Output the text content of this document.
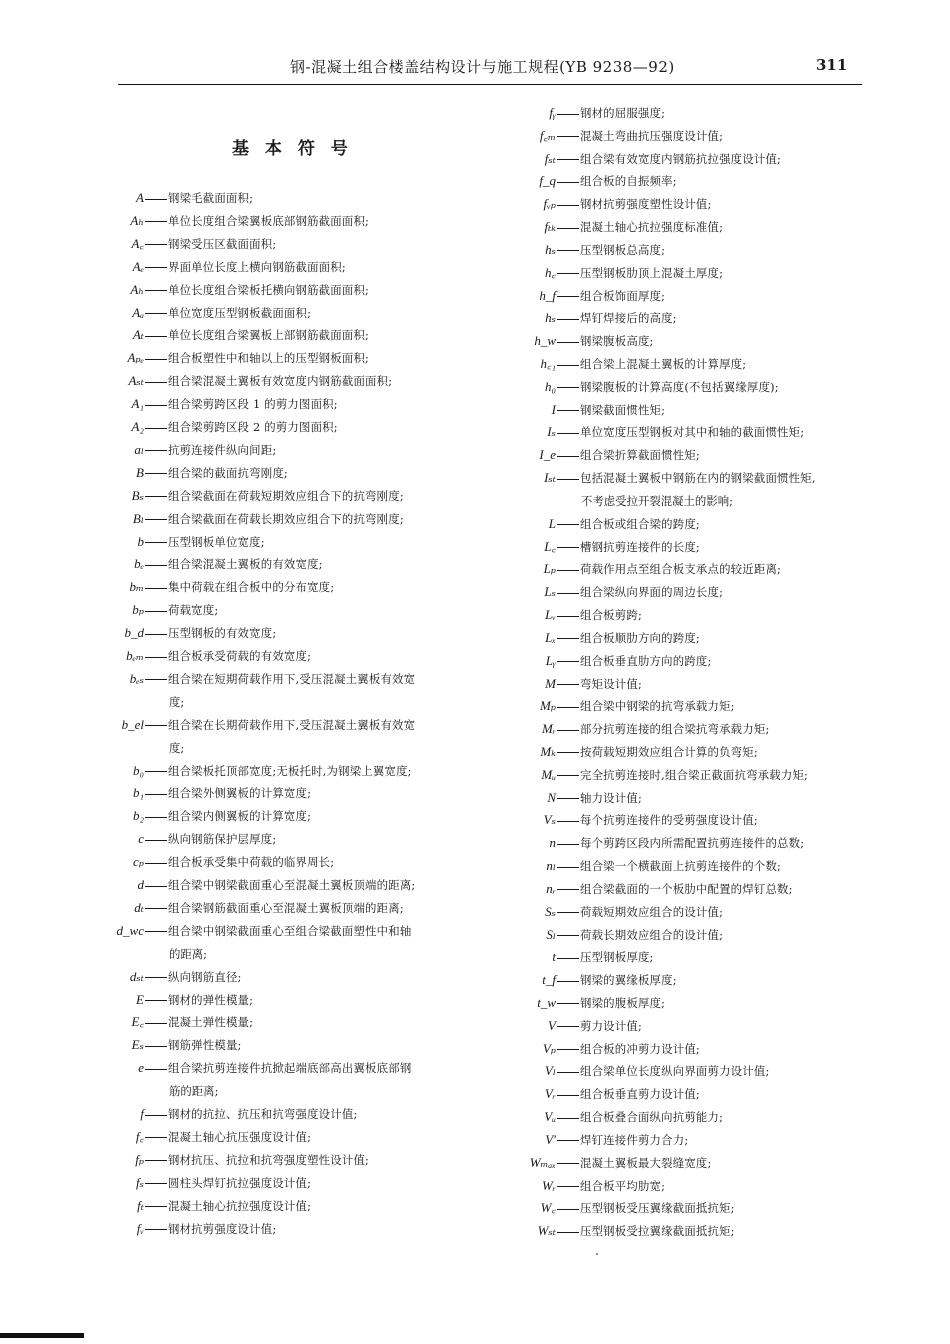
钢-混凝土组合楼盖结构设计与施工规程(YB 9238—92)	311
基 本 符 号
A 钢梁毛截面面积;
Aₕ 单位长度组合梁翼板底部钢筋截面面积;
A꜀ 钢梁受压区截面面积;
Aₑ 界面单位长度上横向钢筋截面面积;
Aₕ 单位长度组合梁板托横向钢筋截面面积;
Aₐ 单位宽度压型钢板截面面积;
Aₜ 单位长度组合梁翼板上部钢筋截面面积;
Aₚₑ 组合板塑性中和轴以上的压型钢板面积;
Aₛₜ 组合梁混凝土翼板有效宽度内钢筋截面面积;
A₁ 组合梁剪跨区段 1 的剪力图面积;
A₂ 组合梁剪跨区段 2 的剪力图面积;
aₗ 抗剪连接件纵向间距;
B 组合梁的截面抗弯刚度;
Bₛ 组合梁截面在荷载短期效应组合下的抗弯刚度;
Bₗ 组合梁截面在荷载长期效应组合下的抗弯刚度;
b 压型钢板单位宽度;
bₑ 组合梁混凝土翼板的有效宽度;
bₘ 集中荷载在组合板中的分布宽度;
bₚ 荷载宽度;
b_d 压型钢板的有效宽度;
bₑₘ 组合板承受荷载的有效宽度;
bₑₛ 组合梁在短期荷载作用下,受压混凝土翼板有效宽
度;
b_el 组合梁在长期荷载作用下,受压混凝土翼板有效宽
度;
b₀ 组合梁板托顶部宽度;无板托时,为钢梁上翼宽度;
b₁ 组合梁外侧翼板的计算宽度;
b₂ 组合梁内侧翼板的计算宽度;
c 纵向钢筋保护层厚度;
cₚ 组合板承受集中荷载的临界周长;
d 组合梁中钢梁截面重心至混凝土翼板顶端的距离;
dₜ 组合梁钢筋截面重心至混凝土翼板顶端的距离;
d_wc 组合梁中钢梁截面重心至组合梁截面塑性中和轴
的距离;
dₛₜ 纵向钢筋直径;
E 钢材的弹性模量;
E꜀ 混凝土弹性模量;
Eₛ 钢筋弹性模量;
e 组合梁抗剪连接件抗掀起端底部高出翼板底部钢
筋的距离;
f 钢材的抗拉、抗压和抗弯强度设计值;
f꜀ 混凝土轴心抗压强度设计值;
fₚ 钢材抗压、抗拉和抗弯强度塑性设计值;
fₛ 圆柱头焊钉抗拉强度设计值;
fₜ 混凝土轴心抗拉强度设计值;
fᵥ 钢材抗剪强度设计值;
fᵧ 钢材的屈服强度;
f꜀ₘ 混凝土弯曲抗压强度设计值;
fₛₜ 组合梁有效宽度内钢筋抗拉强度设计值;
f_q 组合板的自振频率;
fᵥₚ 钢材抗剪强度塑性设计值;
fₜₖ 混凝土轴心抗拉强度标准值;
hₛ 压型钢板总高度;
h꜀ 压型钢板肋顶上混凝土厚度;
h_f 组合板饰面厚度;
hₛ 焊钉焊接后的高度;
h_w 钢梁腹板高度;
h꜀₁ 组合梁上混凝土翼板的计算厚度;
h₀ 钢梁腹板的计算高度(不包括翼缘厚度);
I 钢梁截面惯性矩;
Iₛ 单位宽度压型钢板对其中和轴的截面惯性矩;
I_e 组合梁折算截面惯性矩;
Iₛₜ 包括混凝土翼板中钢筋在内的钢梁截面惯性矩,
不考虑受拉开裂混凝土的影响;
L 组合板或组合梁的跨度;
L꜀ 槽钢抗剪连接件的长度;
Lₚ 荷载作用点至组合板支承点的较近距离;
Lₛ 组合梁纵向界面的周边长度;
Lᵥ 组合板剪跨;
Lₓ 组合板顺肋方向的跨度;
Lᵧ 组合板垂直肋方向的跨度;
M 弯矩设计值;
Mₚ 组合梁中钢梁的抗弯承载力矩;
Mᵣ 部分抗剪连接的组合梁抗弯承载力矩;
Mₖ 按荷载短期效应组合计算的负弯矩;
Mᵤ 完全抗剪连接时,组合梁正截面抗弯承载力矩;
N 轴力设计值;
Vₛ 每个抗剪连接件的受剪强度设计值;
n 每个剪跨区段内所需配置抗剪连接件的总数;
nₗ 组合梁一个横截面上抗剪连接件的个数;
nᵣ 组合梁截面的一个板肋中配置的焊钉总数;
Sₛ 荷载短期效应组合的设计值;
Sₗ 荷载长期效应组合的设计值;
t 压型钢板厚度;
t_f 钢梁的翼缘板厚度;
t_w 钢梁的腹板厚度;
V 剪力设计值;
Vₚ 组合板的冲剪力设计值;
Vₗ 组合梁单位长度纵向界面剪力设计值;
Vᵣ 组合板垂直剪力设计值;
Vᵤ 组合板叠合面纵向抗剪能力;
V′ 焊钉连接件剪力合力;
Wₘₐₓ 混凝土翼板最大裂缝宽度;
Wᵣ 组合板平均肋宽;
W꜀ 压型钢板受压翼缘截面抵抗矩;
Wₛₜ 压型钢板受拉翼缘截面抵抗矩;
